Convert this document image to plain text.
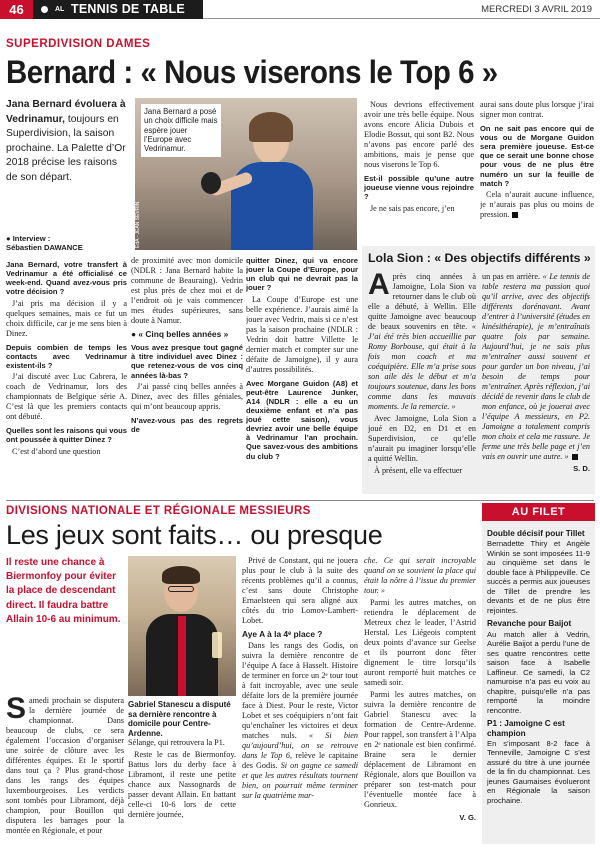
46	AL TENNIS DE TABLE	MERCREDI 3 AVRIL 2019
SUPERDIVISION DAMES
Bernard : « Nous viserons le Top 6 »
Jana Bernard évoluera à Vedrinamur, toujours en Superdivision, la saison prochaine. La Palette d’Or 2018 précise les raisons de son départ.
● Interview :
Sébastien DAWANCE
Jana Bernard a posé un choix difficile mais espère jouer l’Europe avec Vedrinamur.
EdA - JEAN SEVRIN

Jana Bernard, votre transfert à Vedrinamur a été officialisé ce week-end. Quand avez-vous pris votre décision ?

J’ai pris ma décision il y a quelques semaines, mais ce fut un choix difficile, car je me sens bien à Dinez.

Depuis combien de temps les contacts avec Vedrinamur existent-ils ?

J’ai discuté avec Luc Cabrera, le coach de Vedrinamur, lors des championnats de Belgique série A. C’est là que les premiers contacts ont débuté.

Quelles sont les raisons qui vous ont poussée à quitter Dinez ?

C’est d’abord une question

de proximité avec mon domicile (NDLR : Jana Bernard habite la commune de Beauraing). Vedrin est plus près de chez moi et de l’endroit où je vais commencer mes études supérieures, sans doute à Namur.

● « Cinq belles années »

Vous avez presque tout gagné à titre individuel avec Dinez : que retenez-vous de vos cinq années là-bas ?

J’ai passé cinq belles années à Dinez, avec des filles géniales, qui m’ont beaucoup appris.

N’avez-vous pas des regrets de

quitter Dinez, qui va encore jouer la Coupe d’Europe, pour un club qui ne devrait pas la jouer ?

La Coupe d’Europe est une belle expérience. J’aurais aimé la jouer avec Vedrin, mais si ce n’est pas la saison prochaine (NDLR : Vedrin doit battre Villette le dernier match et compter sur une défaite de Jamoigne), il y aura d’autres possibilités.

Avec Morgane Guidon (A8) et peut-être Laurence Junker, A14 (NDLR : elle a eu un deuxième enfant et n’a pas joué cette saison), vous devriez avoir une belle équipe à Vedrinamur l’an prochain. Que savez-vous des ambitions du club ?

Nous devrions effectivement avoir une très belle équipe. Nous avons encore Alicia Dubois et Elodie Bossut, qui sont B2. Nous n’avons pas encore parlé des ambitions, mais je pense que nous viserons le Top 6.

Est-il possible qu’une autre joueuse vienne vous rejoindre ?

Je ne sais pas encore, j’en

aurai sans doute plus lorsque j’irai signer mon contrat.

On ne sait pas encore qui de vous ou de Morgane Guidon sera première joueuse. Est-ce que ce serait une bonne chose pour vous de ne plus être numéro un sur la feuille de match ?

Cela n’aurait aucune influence, je n’aurais pas plus ou moins de pression.

Lola Sion : « Des objectifs différents »
A près cinq années à Jamoigne, Lola Sion va retourner dans le club où elle a débuté, à Wellin. Elle quitte Jamoigne avec beaucoup de beaux souvenirs en tête. « J’ai été très bien accueillie par Romy Borbouse, qui était à la fois mon coach et ma coéquipière. Elle m’a prise sous son aile dès le début et m’a toujours soutenue, dans les bons comme dans les mauvais moments. Je la remercie. »

Avec Jamoigne, Lola Sion a joué en D2, en D1 et en Superdivision, ce qu’elle n’aurait pu imaginer lorsqu’elle a quitté Wellin.

À présent, elle va effectuer

un pas en arrière. « Le tennis de table restera ma passion quoi qu’il arrive, avec des objectifs différents dorénavant. Avant d’entrer à l’université (études en kinésithérapie), je m’entraînais quatre fois par semaine. Aujourd’hui, je ne sais plus m’entraîner aussi souvent et pour garder un bon niveau, j’ai besoin de temps pour m’entraîner. Après réflexion, j’ai décidé de revenir dans le club de mon enfance, où je jouerai avec l’équipe A messieurs, en P2. Jamoigne a totalement compris mon choix et cela me rassure. Je ferme une très belle page et j’en vais en ouvrir une autre. »

S. D.
DIVISIONS NATIONALE ET RÉGIONALE MESSIEURS
Les jeux sont faits… ou presque
Il reste une chance à Biermonfoy pour éviter la place de descendant direct. Il faudra battre Allain 10-6 au minimum.
S amedi prochain se disputera la dernière journée de championnat. Dans beaucoup de clubs, ce sera également l’occasion d’organiser une soirée de clôture avec les différentes équipes. Et le sportif dans tout ça ? Plus grand-chose dans les rangs des équipes luxembourgeoises. Les verdicts sont tombés pour Libramont, déjà champion, pour Bouillon qui disputera les barrages pour la montée en Régionale, et pour

Gabriel Stanescu a disputé sa dernière rencontre à domicile pour Centre-Ardenne.

Sélange, qui retrouvera la P1.

Reste le cas de Biermonfoy. Battus lors du derby face à Libramont, il reste une petite chance aux Nassognards de passer devant Allain. En battant celle-ci 10-6 lors de cette dernière journée,

Privé de Constant, qui ne jouera plus pour le club à la suite des récents problèmes qu’il a connus, c’est sans doute Christophe Ernaelsteen qui sera aligné aux côtés du trio Lomov-Lambert-Lobet.

Aye A à la 4ᵉ place ?

Dans les rangs des Godis, on suivra la dernière rencontre de l’équipe A face à Hasselt. Histoire de terminer en force un 2ᵉ tour tout à fait incroyable, avec une seule défaite lors de la première journée face à Diest. Pour le reste, Victor Lobet et ses coéquipiers n’ont fait qu’enchaîner les victoires et deux matches nuls. « Si bien qu’aujourd’hui, on se retrouve dans le Top 6, relève le capitaine des Godis. Si on gagne ce samedi et que les autres résultats tournent bien, on pourrait même terminer sur la quatrième mar-

che. Ce qui serait incroyable quand on se souvient la place qui était la nôtre à l’issue du premier tour. »

Parmi les autres matches, on retiendra le déplacement de Metreux chez le leader, l’Astrid Herstal. Les Liégeois comptent deux points d’avance sur Geelse et ils pourront donc fêter dignement le titre lorsqu’ils auront remporté huit matches ce samedi soir.

Parmi les autres matches, on suivra la dernière rencontre de Gabriel Stanescu avec la formation de Centre-Ardenne. Pour rappel, son transfert à l’Alpa en 2ᵉ nationale est bien confirmé. Braine sera le dernier déplacement de Libramont en Régionale, alors que Bouillon va préparer son test-match pour l’éventuelle montée face à Gonrieux.

V. G.
AU FILET
Double décisif pour Tillet
Bernadette Thiry et Angèle Winkin se sont imposées 11-9 au cinquième set dans le double face à Philippeville. Ce succès a permis aux joueuses de Tillet de prendre les devants et de ne plus être rejointes.
Revanche pour Baijot
Au match aller à Vedrin, Aurélie Baijot a perdu l’une de ses quatre rencontres cette saison face à Isabelle Laffineur. Ce samedi, la C2 namuroise n’a pas eu voix au chapitre, puisqu’elle n’a pas remporté la moindre rencontre.
P1 : Jamoigne C est champion
En s’imposant 8-2 face à Tenneville, Jamoigne C s’est assuré du titre à une journée de la fin du championnat. Les jeunes Gaumaises évolueront en Régionale la saison prochaine.
